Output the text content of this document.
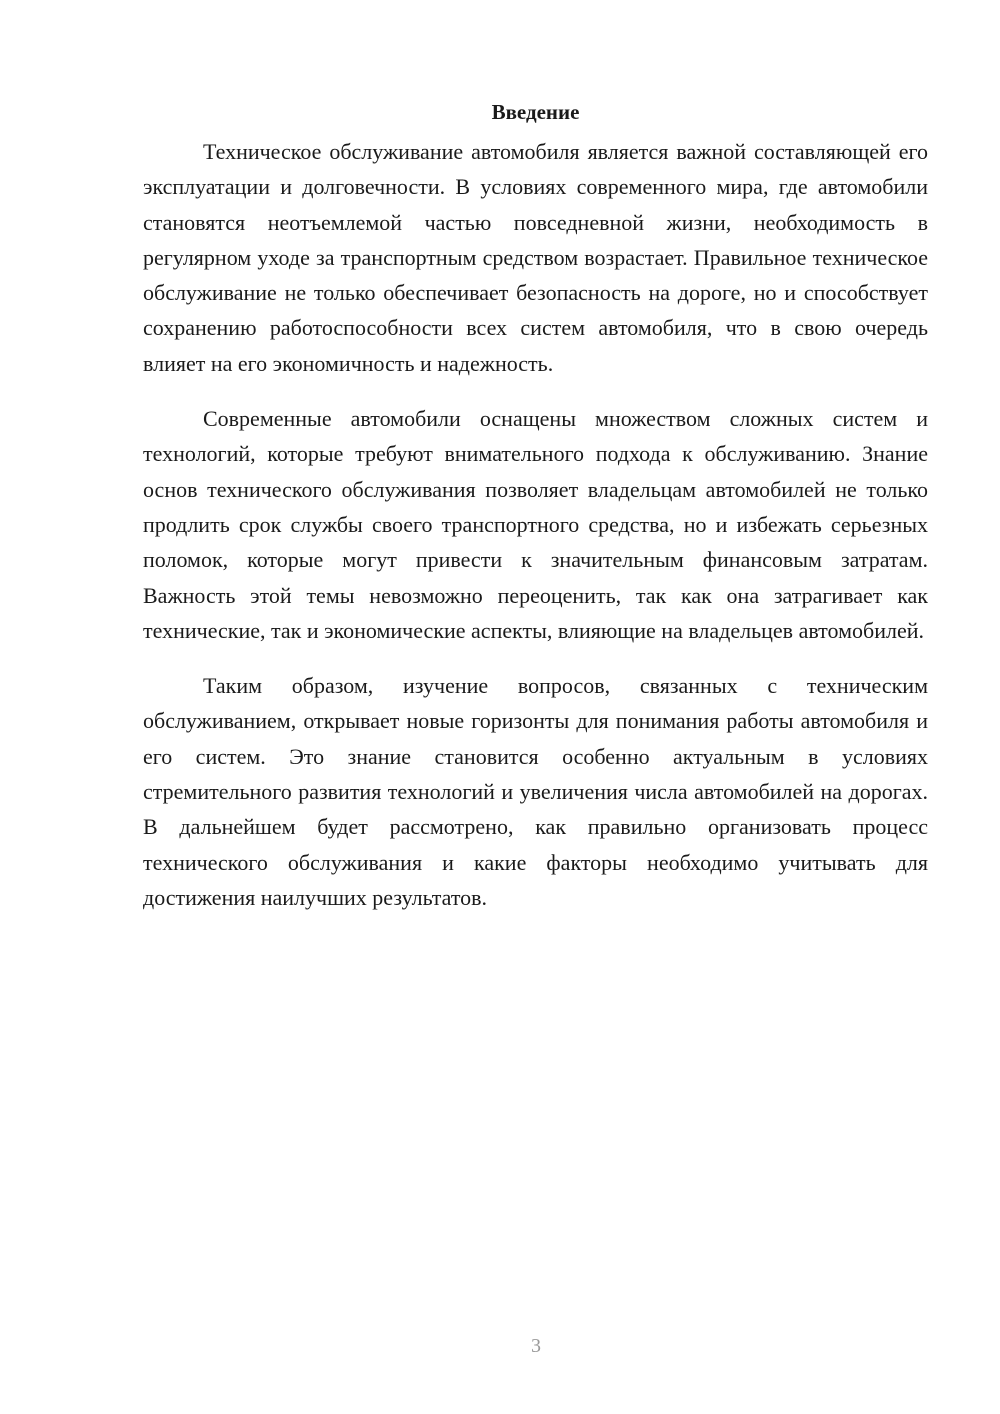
Введение

Техническое обслуживание автомобиля является важной составляющей его эксплуатации и долговечности. В условиях современного мира, где автомобили становятся неотъемлемой частью повседневной жизни, необходимость в регулярном уходе за транспортным средством возрастает. Правильное техническое обслуживание не только обеспечивает безопасность на дороге, но и способствует сохранению работоспособности всех систем автомобиля, что в свою очередь влияет на его экономичность и надежность.

Современные автомобили оснащены множеством сложных систем и технологий, которые требуют внимательного подхода к обслуживанию. Знание основ технического обслуживания позволяет владельцам автомобилей не только продлить срок службы своего транспортного средства, но и избежать серьезных поломок, которые могут привести к значительным финансовым затратам. Важность этой темы невозможно переоценить, так как она затрагивает как технические, так и экономические аспекты, влияющие на владельцев автомобилей.

Таким образом, изучение вопросов, связанных с техническим обслуживанием, открывает новые горизонты для понимания работы автомобиля и его систем. Это знание становится особенно актуальным в условиях стремительного развития технологий и увеличения числа автомобилей на дорогах. В дальнейшем будет рассмотрено, как правильно организовать процесс технического обслуживания и какие факторы необходимо учитывать для достижения наилучших результатов.

3
